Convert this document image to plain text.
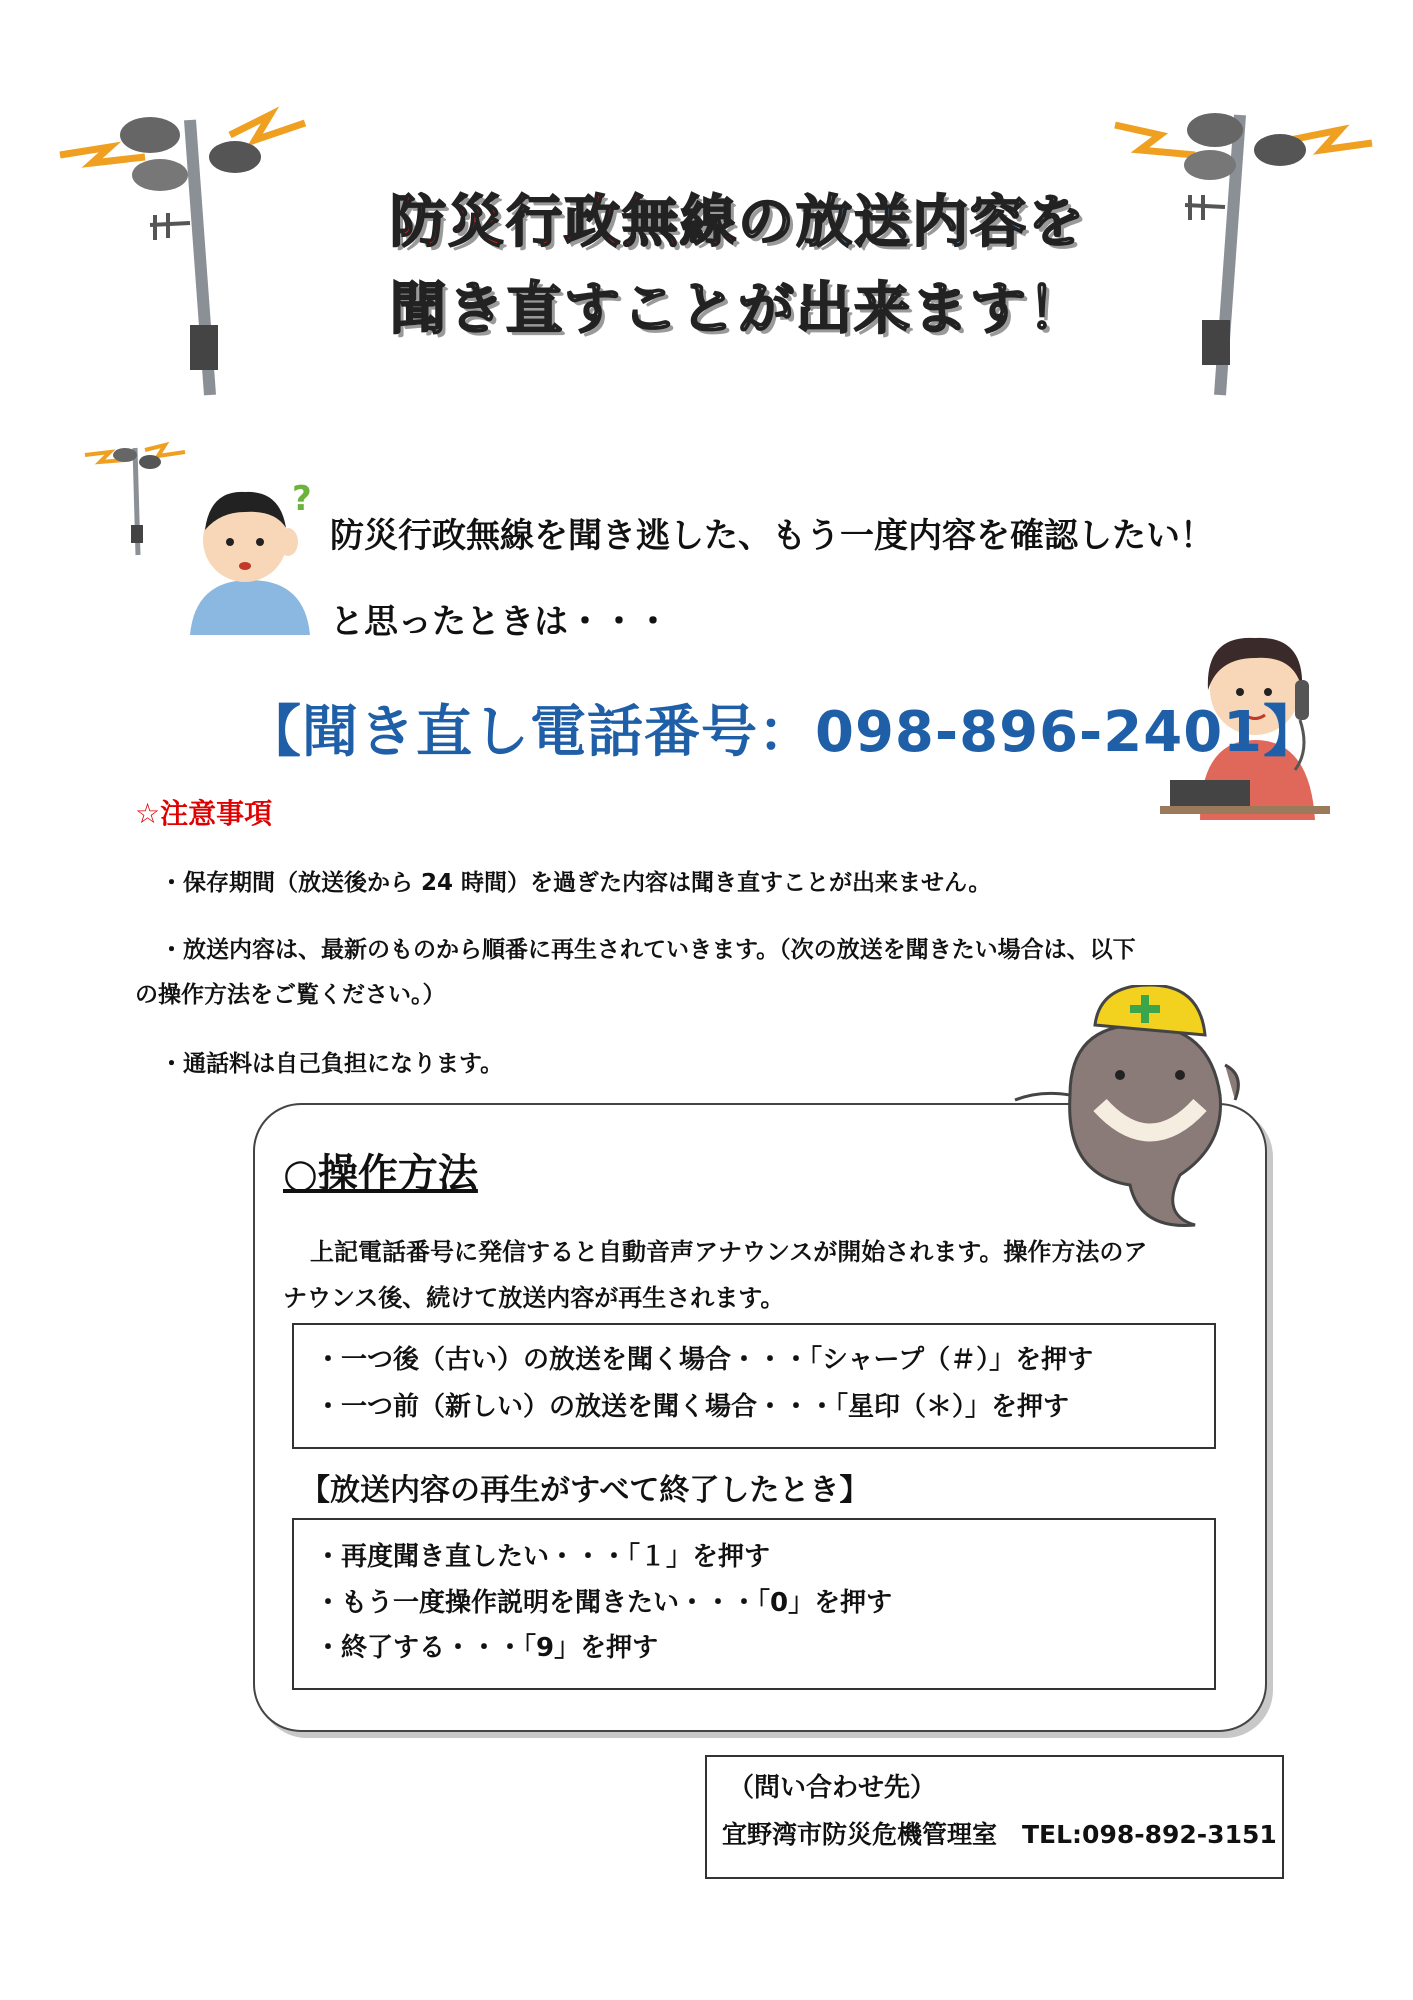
防災行政無線の放送内容を
聞き直すことが出来ます！
?
防災行政無線を聞き逃した、もう一度内容を確認したい！
と思ったときは・・・
【聞き直し電話番号：098-896-2401】
☆注意事項
・保存期間（放送後から 24 時間）を過ぎた内容は聞き直すことが出来ません。
・放送内容は、最新のものから順番に再生されていきます。（次の放送を聞きたい場合は、以下
の操作方法をご覧ください。）
・通話料は自己負担になります。
○操作方法
上記電話番号に発信すると自動音声アナウンスが開始されます。操作方法のア
ナウンス後、続けて放送内容が再生されます。
・一つ後（古い）の放送を聞く場合・・・「シャープ（＃）」を押す
・一つ前（新しい）の放送を聞く場合・・・「星印（＊）」を押す
【放送内容の再生がすべて終了したとき】
・再度聞き直したい・・・「１」を押す
・もう一度操作説明を聞きたい・・・「0」を押す
・終了する・・・「9」を押す
（問い合わせ先）
宜野湾市防災危機管理室　TEL:098-892-3151
